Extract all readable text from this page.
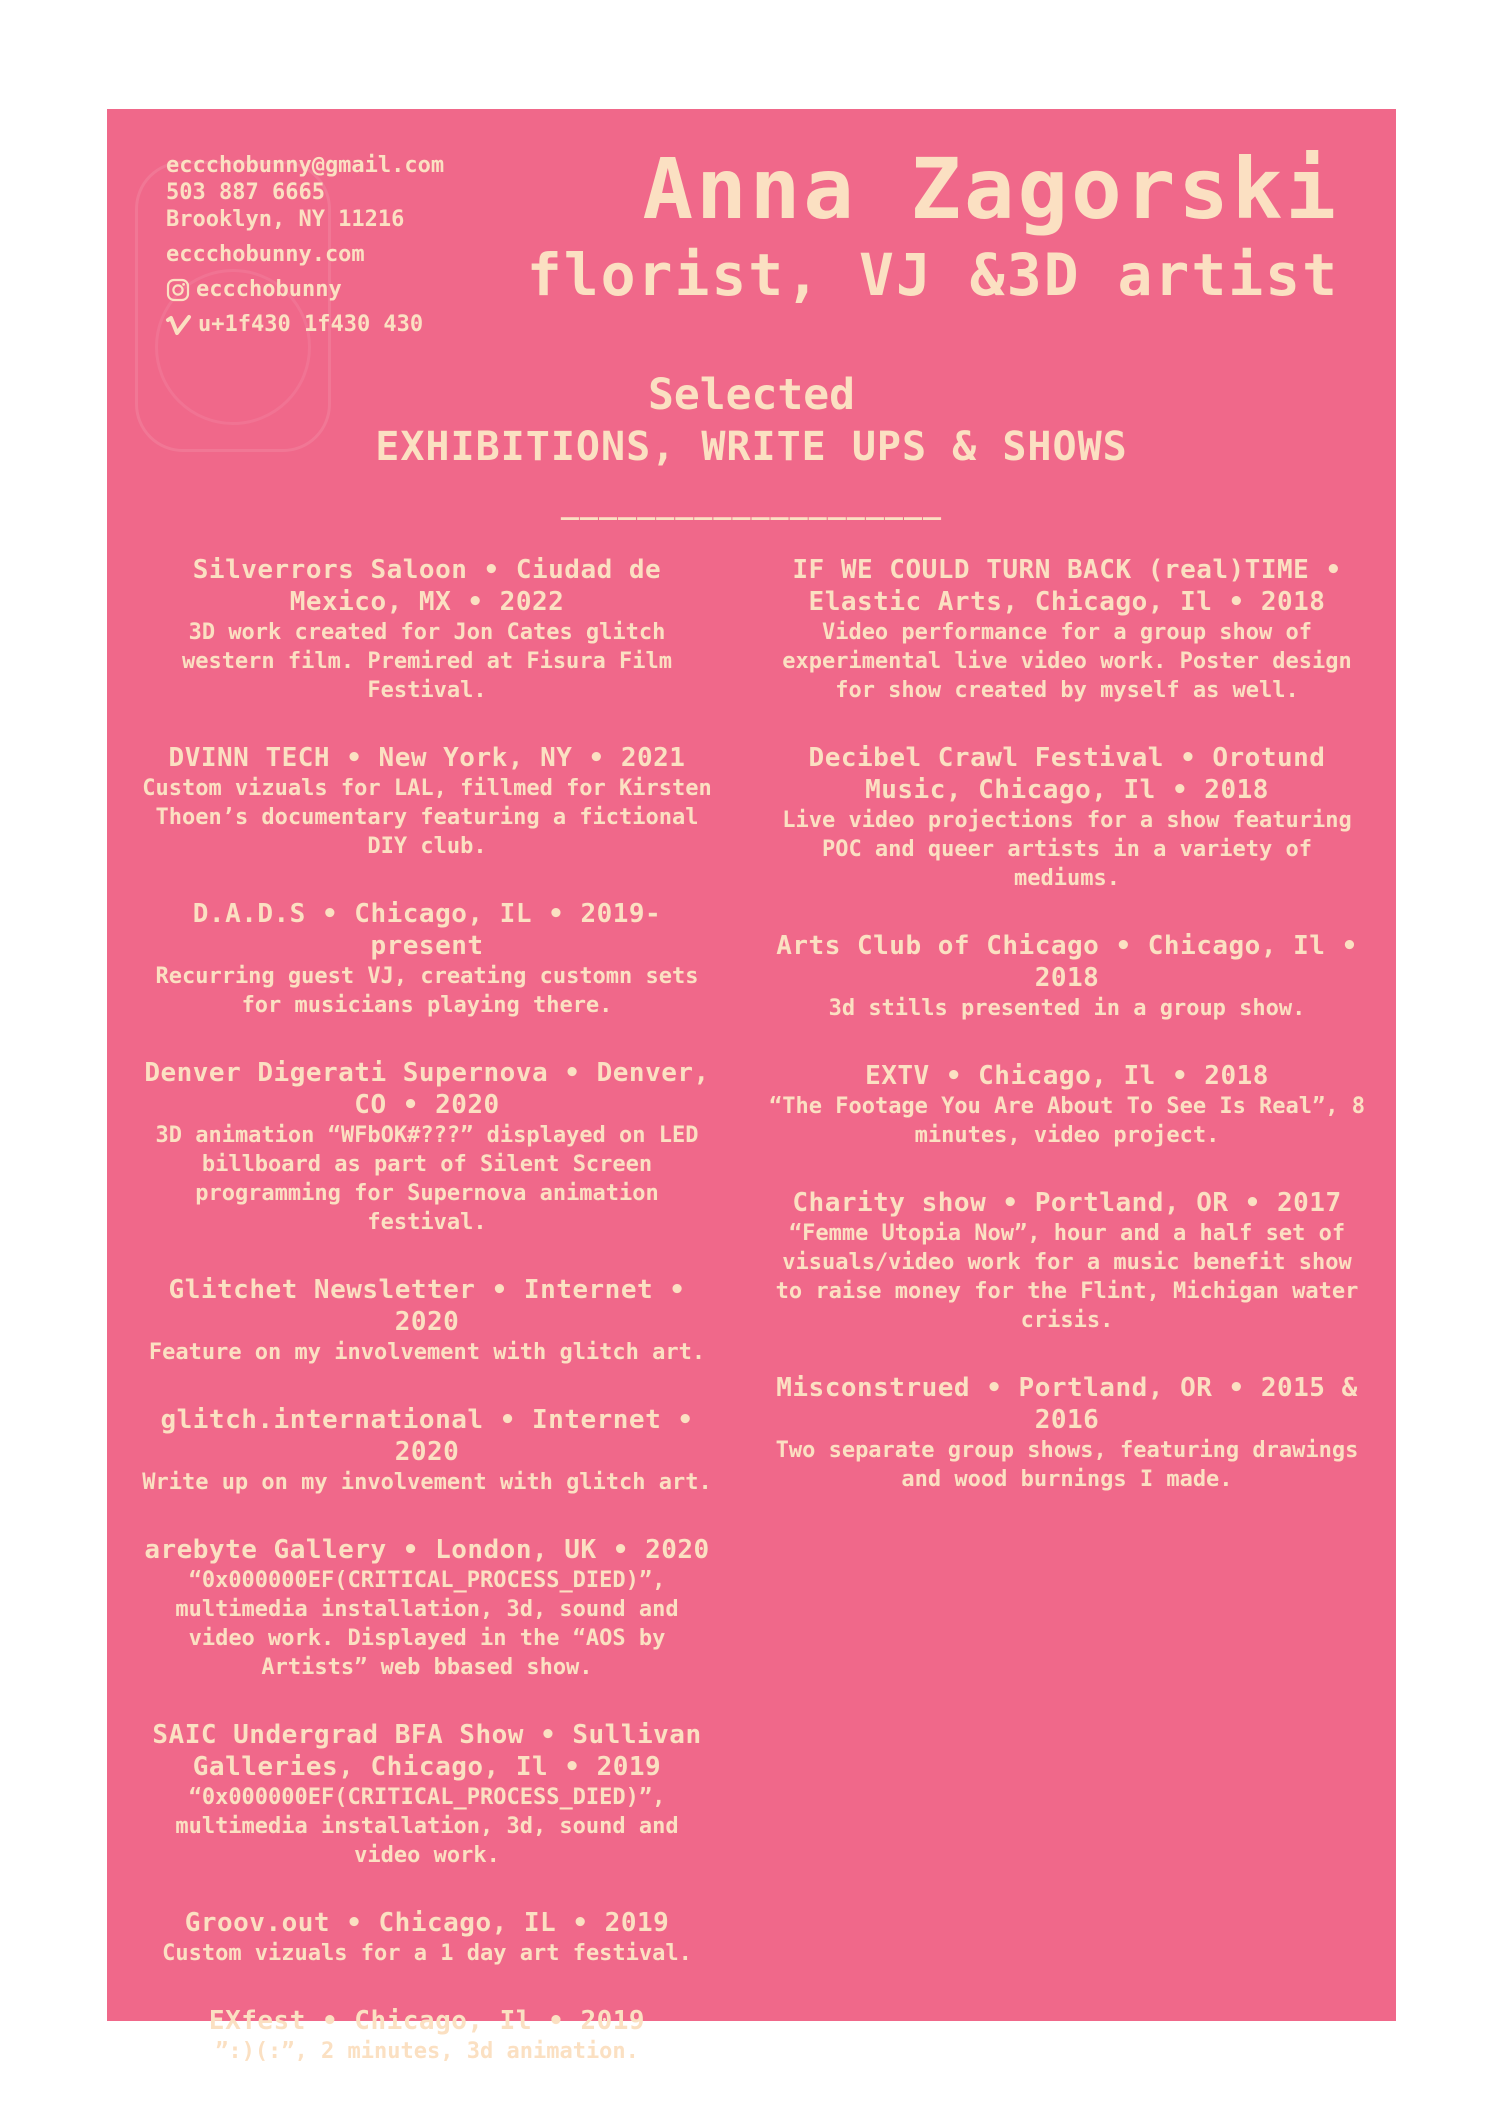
eccchobunny@gmail.com
503 887 6665
Brooklyn, NY 11216
eccchobunny.com
eccchobunny
u+1f430 1f430 430
Anna Zagorski
florist, VJ &3D artist
Selected
EXHIBITIONS, WRITE UPS & SHOWS
____________________
Silverrors Saloon • Ciudad de Mexico, MX • 2022
3D work created for Jon Cates glitch western film. Premired at Fisura Film Festival.
DVINN TECH • New York, NY • 2021
Custom vizuals for LAL, fillmed for Kirsten Thoen’s documentary featuring a fictional DIY club.
D.A.D.S • Chicago, IL • 2019-present
Recurring guest VJ, creating customn sets for musicians playing there.
Denver Digerati Supernova • Denver, CO • 2020
3D animation “WFbOK#???” displayed on LED billboard as part of Silent Screen programming for Supernova animation festival.
Glitchet Newsletter • Internet • 2020
Feature on my involvement with glitch art.
glitch.international • Internet • 2020
Write up on my involvement with glitch art.
arebyte Gallery • London, UK • 2020
“0x000000EF(CRITICAL_PROCESS_DIED)”, multimedia installation, 3d, sound and video work. Displayed in the “AOS by Artists” web bbased show.
SAIC Undergrad BFA Show • Sullivan Galleries, Chicago, Il • 2019
“0x000000EF(CRITICAL_PROCESS_DIED)”, multimedia installation, 3d, sound and video work.
Groov.out • Chicago, IL • 2019
Custom vizuals for a 1 day art festival.
EXfest • Chicago, Il • 2019
”:)(:”, 2 minutes, 3d animation.
IF WE COULD TURN BACK (real)TIME • Elastic Arts, Chicago, Il • 2018
Video performance for a group show of experimental live video work. Poster design for show created by myself as well.
Decibel Crawl Festival • Orotund Music, Chicago, Il • 2018
Live video projections for a show featuring POC and queer artists in a variety of mediums.
Arts Club of Chicago • Chicago, Il • 2018
3d stills presented in a group show.
EXTV • Chicago, Il • 2018
“The Footage You Are About To See Is Real”, 8 minutes, video project.
Charity show • Portland, OR • 2017
“Femme Utopia Now”, hour and a half set of visuals/video work for a music benefit show to raise money for the Flint, Michigan water crisis.
Misconstrued • Portland, OR • 2015 & 2016
Two separate group shows, featuring drawings and wood burnings I made.
